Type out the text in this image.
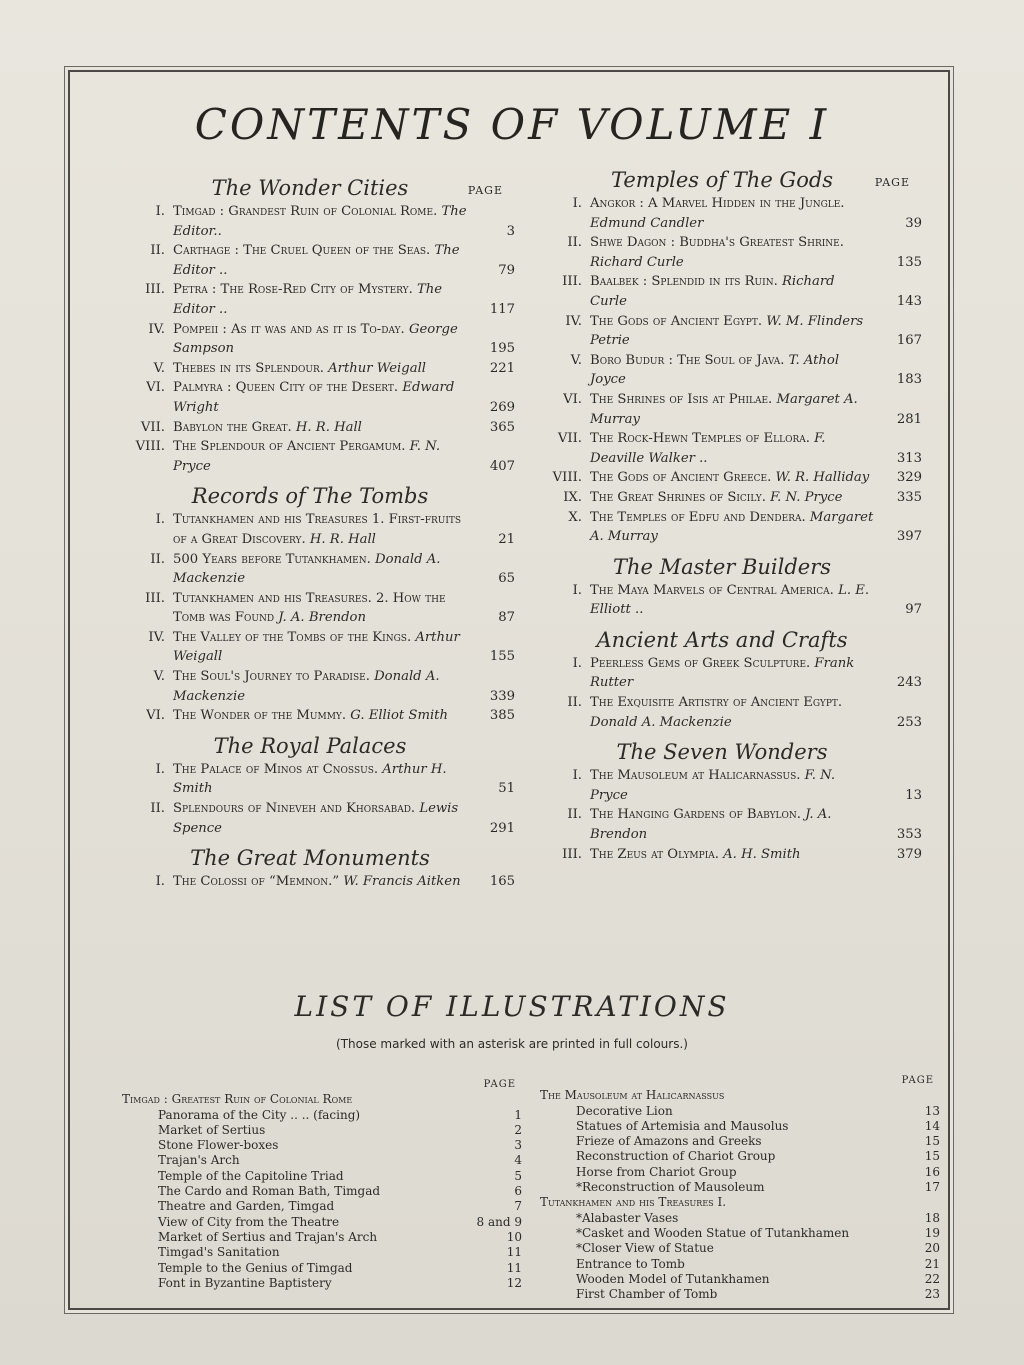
CONTENTS OF VOLUME I
The Wonder Cities	PAGE
I. Timgad : Grandest Ruin of Colonial Rome. The Editor..	3
II. Carthage : The Cruel Queen of the Seas. The Editor ..	79
III. Petra : The Rose-Red City of Mystery. The Editor ..	117
IV. Pompeii : As it was and as it is To-day. George Sampson	195
V. Thebes in its Splendour. Arthur Weigall	221
VI. Palmyra : Queen City of the Desert. Edward Wright	269
VII. Babylon the Great. H. R. Hall	365
VIII. The Splendour of Ancient Pergamum. F. N. Pryce	407
Records of The Tombs
I. Tutankhamen and his Treasures 1. First-fruits of a Great Discovery. H. R. Hall	21
II. 500 Years before Tutankhamen. Donald A. Mackenzie	65
III. Tutankhamen and his Treasures. 2. How the Tomb was Found J. A. Brendon	87
IV. The Valley of the Tombs of the Kings. Arthur Weigall	155
V. The Soul's Journey to Paradise. Donald A. Mackenzie	339
VI. The Wonder of the Mummy. G. Elliot Smith	385
The Royal Palaces
I. The Palace of Minos at Cnossus. Arthur H. Smith	51
II. Splendours of Nineveh and Khorsabad. Lewis Spence	291
The Great Monuments
I. The Colossi of “Memnon.” W. Francis Aitken	165
Temples of The Gods	PAGE
I. Angkor : A Marvel Hidden in the Jungle. Edmund Candler	39
II. Shwe Dagon : Buddha's Greatest Shrine. Richard Curle	135
III. Baalbek : Splendid in its Ruin. Richard Curle	143
IV. The Gods of Ancient Egypt. W. M. Flinders Petrie	167
V. Boro Budur : The Soul of Java. T. Athol Joyce	183
VI. The Shrines of Isis at Philae. Margaret A. Murray	281
VII. The Rock-Hewn Temples of Ellora. F. Deaville Walker ..	313
VIII. The Gods of Ancient Greece. W. R. Halliday	329
IX. The Great Shrines of Sicily. F. N. Pryce	335
X. The Temples of Edfu and Dendera. Margaret A. Murray	397
The Master Builders
I. The Maya Marvels of Central America. L. E. Elliott ..	97
Ancient Arts and Crafts
I. Peerless Gems of Greek Sculpture. Frank Rutter	243
II. The Exquisite Artistry of Ancient Egypt. Donald A. Mackenzie	253
The Seven Wonders
I. The Mausoleum at Halicarnassus. F. N. Pryce	13
II. The Hanging Gardens of Babylon. J. A. Brendon	353
III. The Zeus at Olympia. A. H. Smith	379
LIST OF ILLUSTRATIONS
(Those marked with an asterisk are printed in full colours.)
PAGE
Timgad : Greatest Ruin of Colonial Rome
Panorama of the City .. .. (facing)	1
Market of Sertius	2
Stone Flower-boxes	3
Trajan's Arch	4
Temple of the Capitoline Triad	5
The Cardo and Roman Bath, Timgad	6
Theatre and Garden, Timgad	7
View of City from the Theatre	8 and 9
Market of Sertius and Trajan's Arch	10
Timgad's Sanitation	11
Temple to the Genius of Timgad	11
Font in Byzantine Baptistery	12
PAGE
The Mausoleum at Halicarnassus
Decorative Lion	13
Statues of Artemisia and Mausolus	14
Frieze of Amazons and Greeks	15
Reconstruction of Chariot Group	15
Horse from Chariot Group	16
*Reconstruction of Mausoleum	17
Tutankhamen and his Treasures I.
*Alabaster Vases	18
*Casket and Wooden Statue of Tutankhamen	19
*Closer View of Statue	20
Entrance to Tomb	21
Wooden Model of Tutankhamen	22
First Chamber of Tomb	23
